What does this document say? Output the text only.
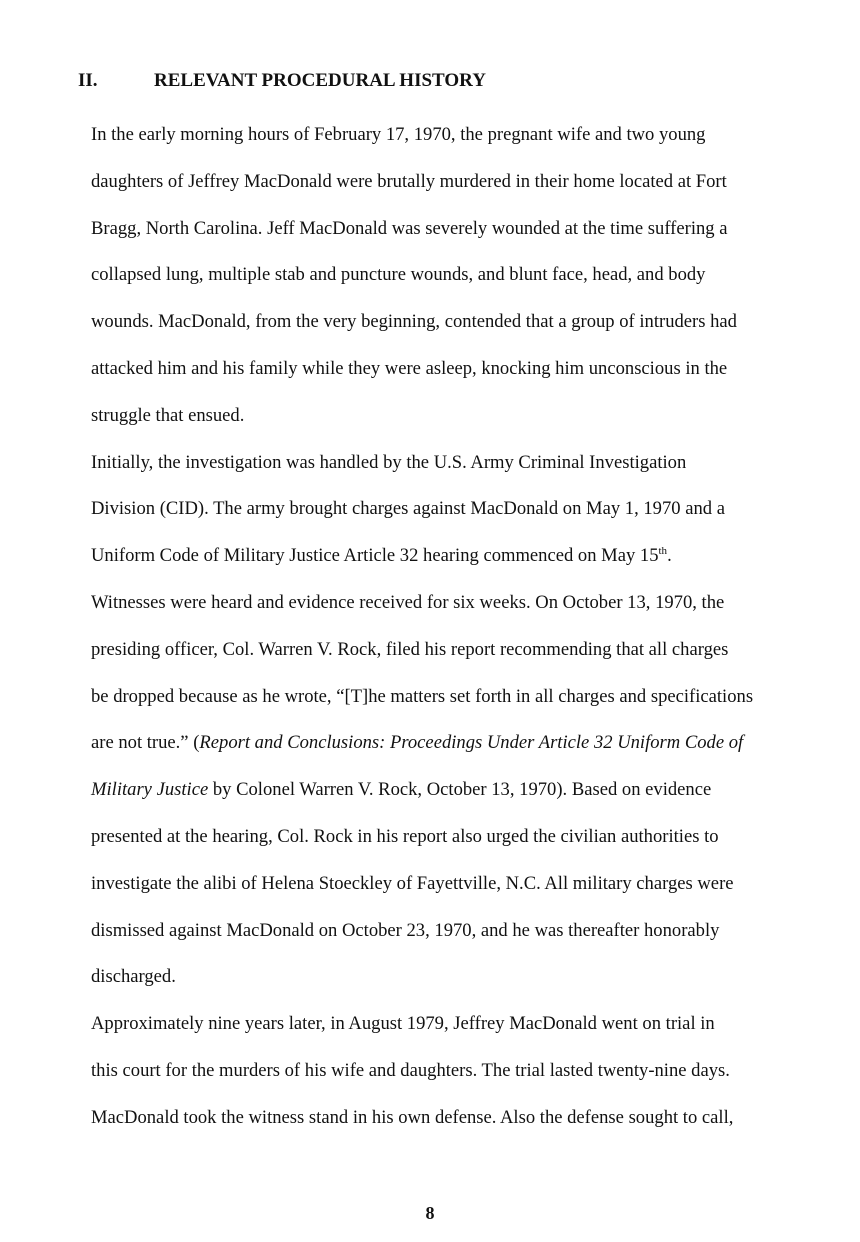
II.	RELEVANT PROCEDURAL HISTORY

In the early morning hours of February 17, 1970, the pregnant wife and two young
daughters of Jeffrey MacDonald were brutally murdered in their home located at Fort
Bragg, North Carolina. Jeff MacDonald was severely wounded at the time suffering a
collapsed lung, multiple stab and puncture wounds, and blunt face, head, and body
wounds. MacDonald, from the very beginning, contended that a group of intruders had
attacked him and his family while they were asleep, knocking him unconscious in the
struggle that ensued.

Initially, the investigation was handled by the U.S. Army Criminal Investigation
Division (CID). The army brought charges against MacDonald on May 1, 1970 and a
Uniform Code of Military Justice Article 32 hearing commenced on May 15th.
Witnesses were heard and evidence received for six weeks. On October 13, 1970, the
presiding officer, Col. Warren V. Rock, filed his report recommending that all charges
be dropped because as he wrote, “[T]he matters set forth in all charges and specifications
are not true.” (Report and Conclusions: Proceedings Under Article 32 Uniform Code of
Military Justice by Colonel Warren V. Rock, October 13, 1970). Based on evidence
presented at the hearing, Col. Rock in his report also urged the civilian authorities to
investigate the alibi of Helena Stoeckley of Fayettville, N.C. All military charges were
dismissed against MacDonald on October 23, 1970, and he was thereafter honorably
discharged.

Approximately nine years later, in August 1979, Jeffrey MacDonald went on trial in
this court for the murders of his wife and daughters. The trial lasted twenty-nine days.
MacDonald took the witness stand in his own defense. Also the defense sought to call,

8
